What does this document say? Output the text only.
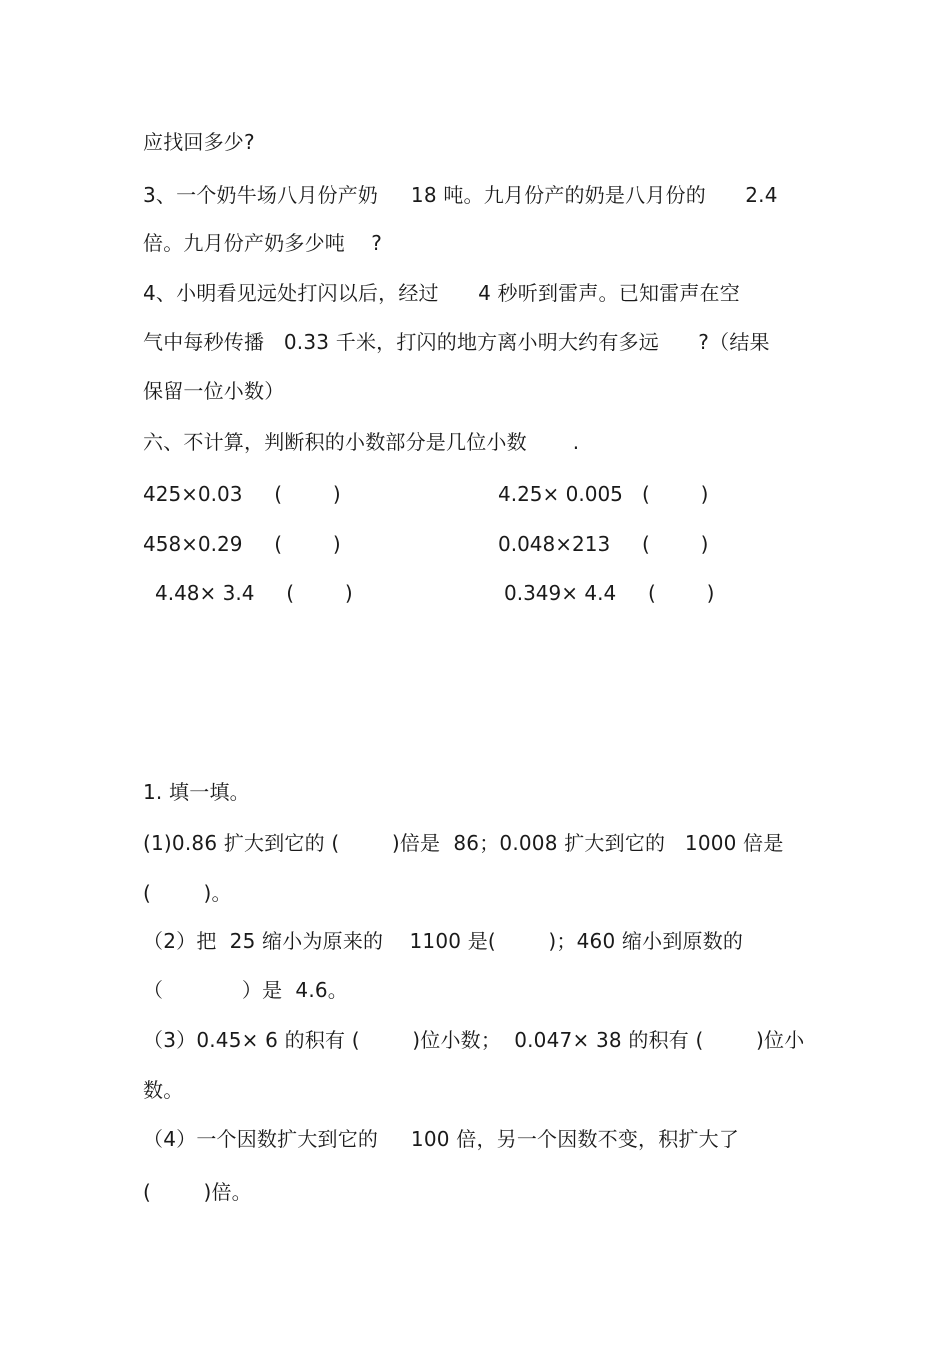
应找回多少?
3、一个奶牛场八月份产奶     18 吨。九月份产的奶是八月份的      2.4
倍。九月份产奶多少吨    ?
4、小明看见远处打闪以后，经过      4 秒听到雷声。已知雷声在空
气中每秒传播   0.33 千米，打闪的地方离小明大约有多远      ?（结果
保留一位小数）
六、不计算，判断积的小数部分是几位小数       .
425×0.03     (        )	4.25× 0.005   (        )
458×0.29     (        )	0.048×213     (        )
4.48× 3.4     (        )	0.349× 4.4     (        )
1. 填一填。
(1)0.86 扩大到它的 (        )倍是  86；0.008 扩大到它的   1000 倍是
(        )。
（2）把  25 缩小为原来的    1100 是(        )；460 缩小到原数的
（            ）是  4.6。
（3）0.45× 6 的积有 (        )位小数；  0.047× 38 的积有 (        )位小
数。
（4）一个因数扩大到它的     100 倍，另一个因数不变，积扩大了
(        )倍。
